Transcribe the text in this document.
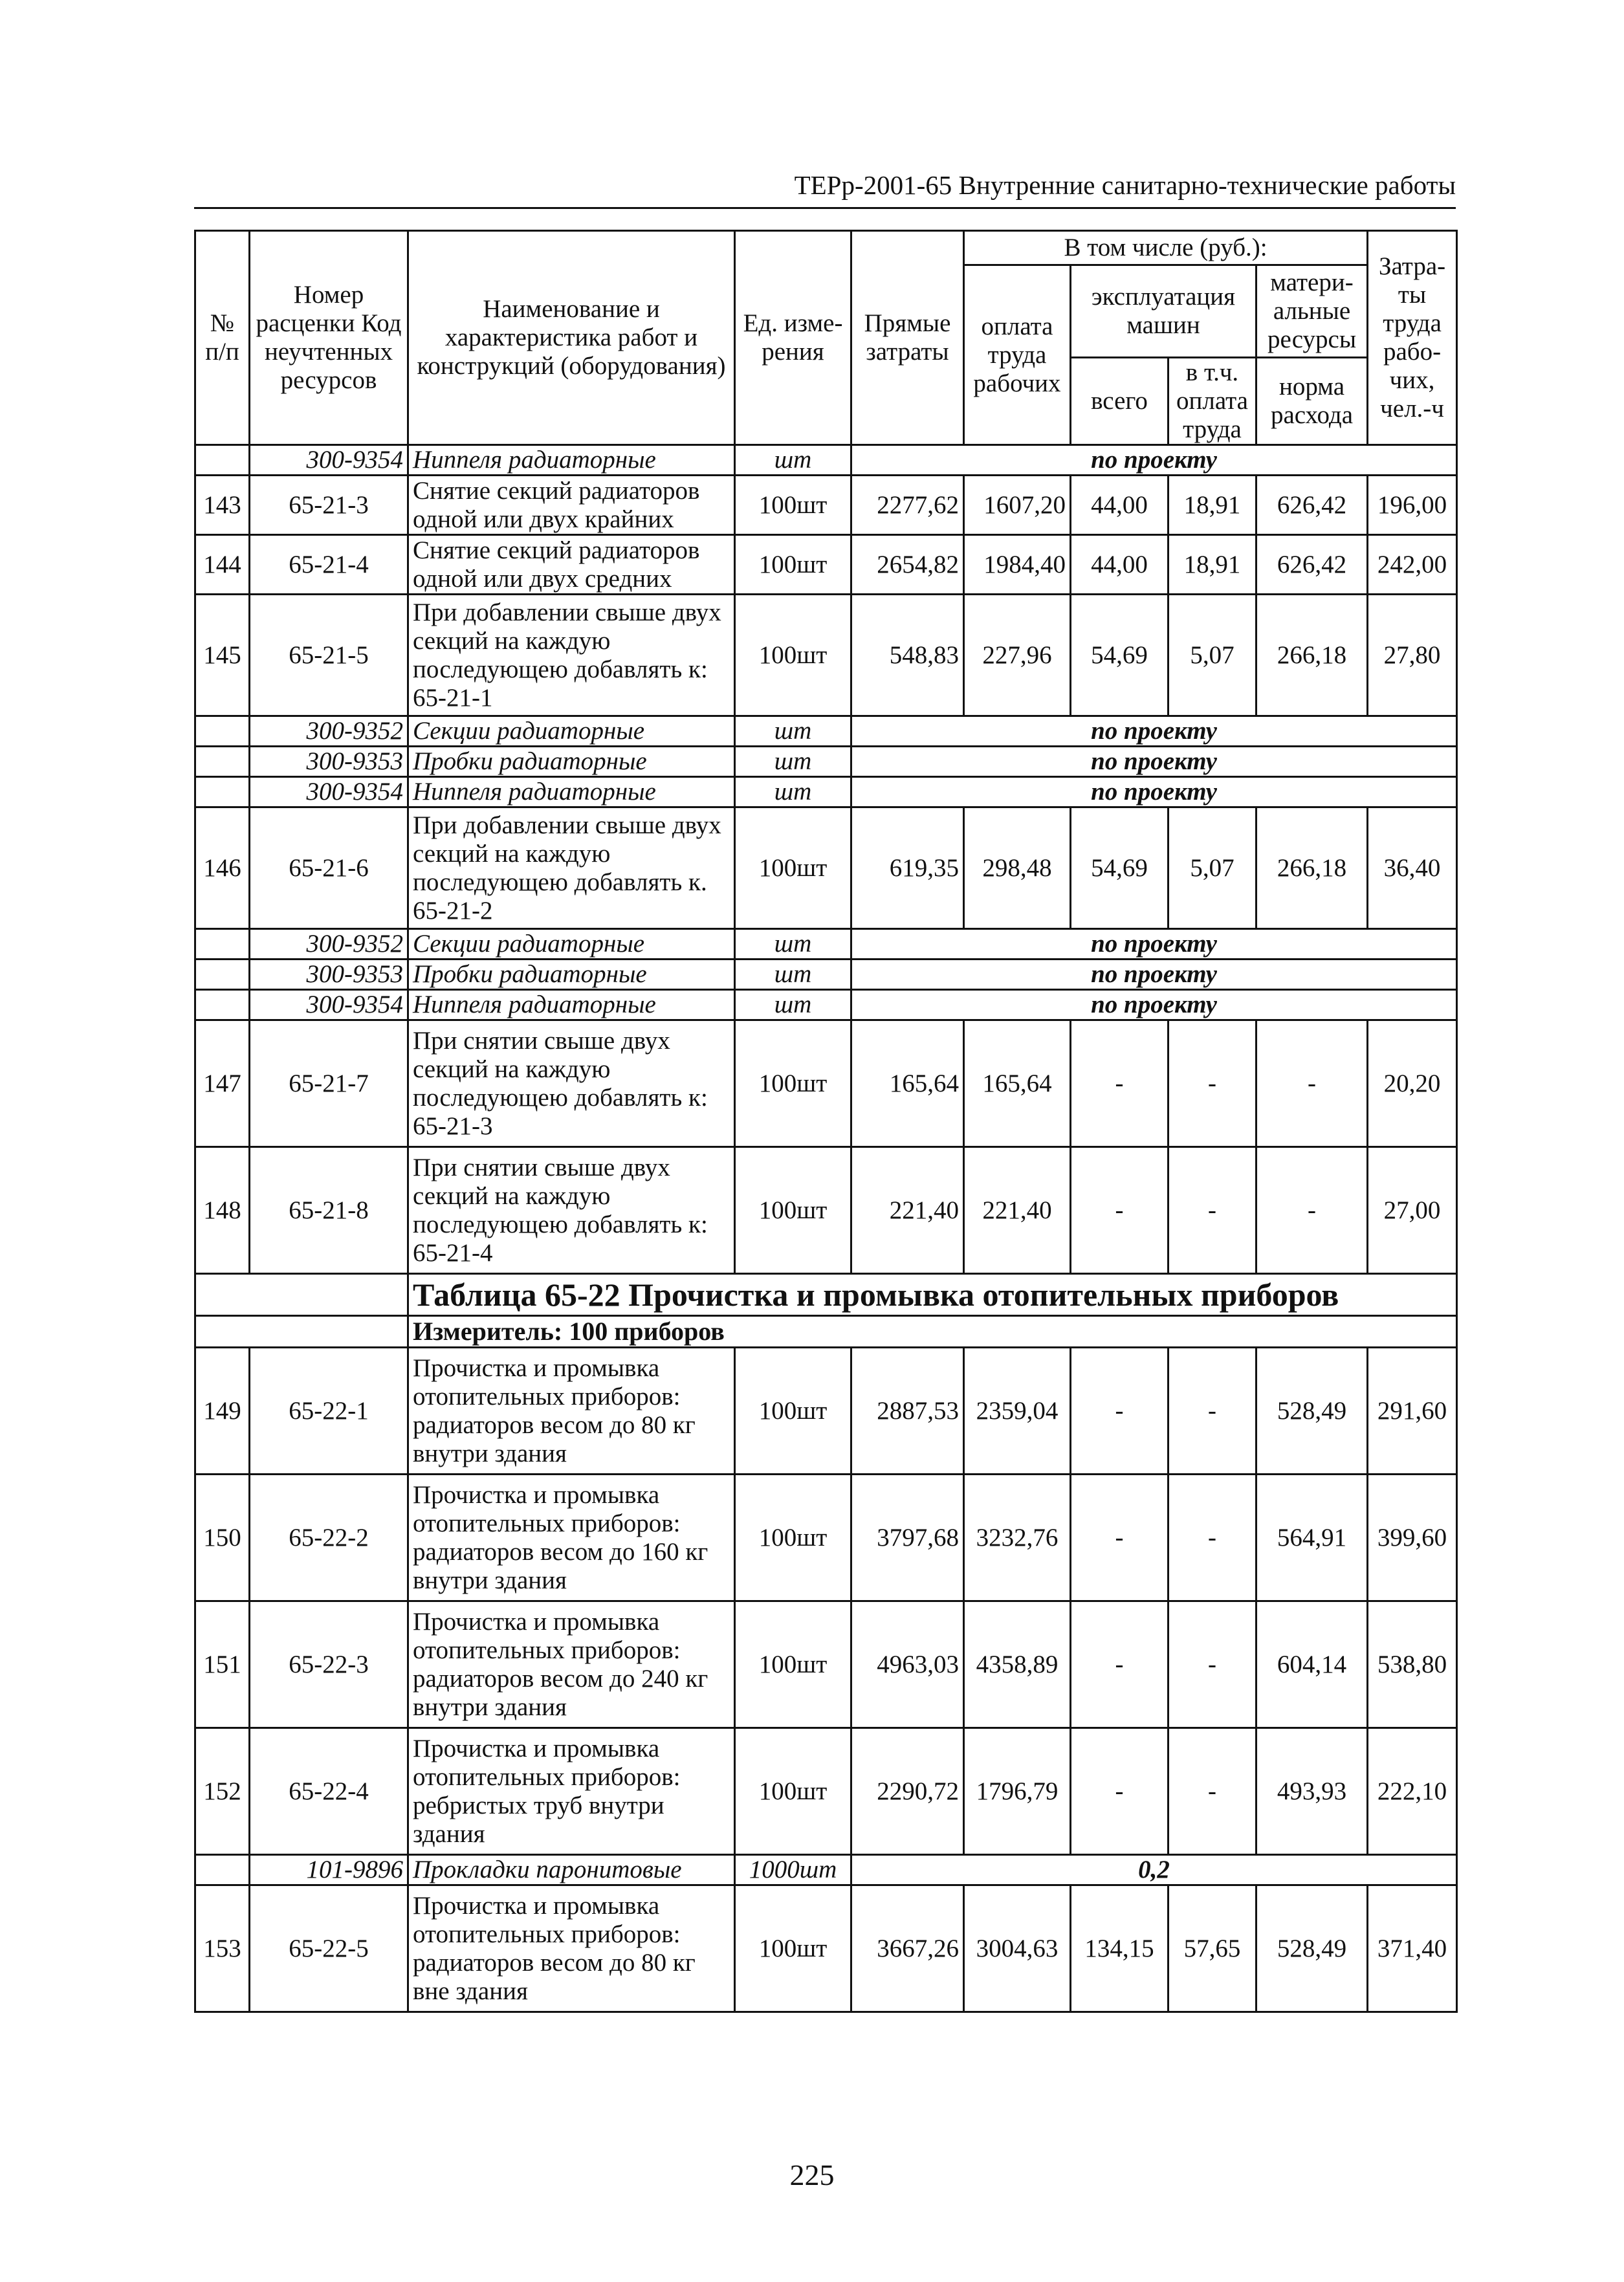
ТЕРр-2001-65 Внутренние санитарно-технические работы
№ п/п	Номер расценки Код неучтенных ресурсов	Наименование и характеристика работ и конструкций (оборудования)	Ед. изме-рения	Прямые затраты	В том числе (руб.):				Затра-ты труда рабо-чих, чел.-ч
					оплата труда рабочих	эксплуатация машин		матери-альные ресурсы	
						всего	в т.ч. оплата труда	норма расхода	

	300-9354	Ниппеля радиаторные	шт	по проекту					
143	65-21-3	Снятие секций радиаторов одной или двух крайних	100шт	2277,62	1607,20	44,00	18,91	626,42	196,00
144	65-21-4	Снятие секций радиаторов одной или двух средних	100шт	2654,82	1984,40	44,00	18,91	626,42	242,00
145	65-21-5	При добавлении свыше двух секций на каждую последующею добавлять к: 65-21-1	100шт	548,83	227,96	54,69	5,07	266,18	27,80
	300-9352	Секции радиаторные	шт	по проекту					
	300-9353	Пробки радиаторные	шт	по проекту					
	300-9354	Ниппеля радиаторные	шт	по проекту					
146	65-21-6	При добавлении свыше двух секций на каждую последующею добавлять к. 65-21-2	100шт	619,35	298,48	54,69	5,07	266,18	36,40
	300-9352	Секции радиаторные	шт	по проекту					
	300-9353	Пробки радиаторные	шт	по проекту					
	300-9354	Ниппеля радиаторные	шт	по проекту					
147	65-21-7	При снятии свыше двух секций на каждую последующею добавлять к: 65-21-3	100шт	165,64	165,64	-	-	-	20,20
148	65-21-8	При снятии свыше двух секций на каждую последующею добавлять к: 65-21-4	100шт	221,40	221,40	-	-	-	27,00
		Таблица 65-22 Прочистка и промывка отопительных приборов							
		Измеритель: 100 приборов							
149	65-22-1	Прочистка и промывка отопительных приборов: радиаторов весом до 80 кг внутри здания	100шт	2887,53	2359,04	-	-	528,49	291,60
150	65-22-2	Прочистка и промывка отопительных приборов: радиаторов весом до 160 кг внутри здания	100шт	3797,68	3232,76	-	-	564,91	399,60
151	65-22-3	Прочистка и промывка отопительных приборов: радиаторов весом до 240 кг внутри здания	100шт	4963,03	4358,89	-	-	604,14	538,80
152	65-22-4	Прочистка и промывка отопительных приборов: ребристых труб внутри здания	100шт	2290,72	1796,79	-	-	493,93	222,10
	101-9896	Прокладки паронитовые	1000шт	0,2					
153	65-22-5	Прочистка и промывка отопительных приборов: радиаторов весом до 80 кг вне здания	100шт	3667,26	3004,63	134,15	57,65	528,49	371,40
225
